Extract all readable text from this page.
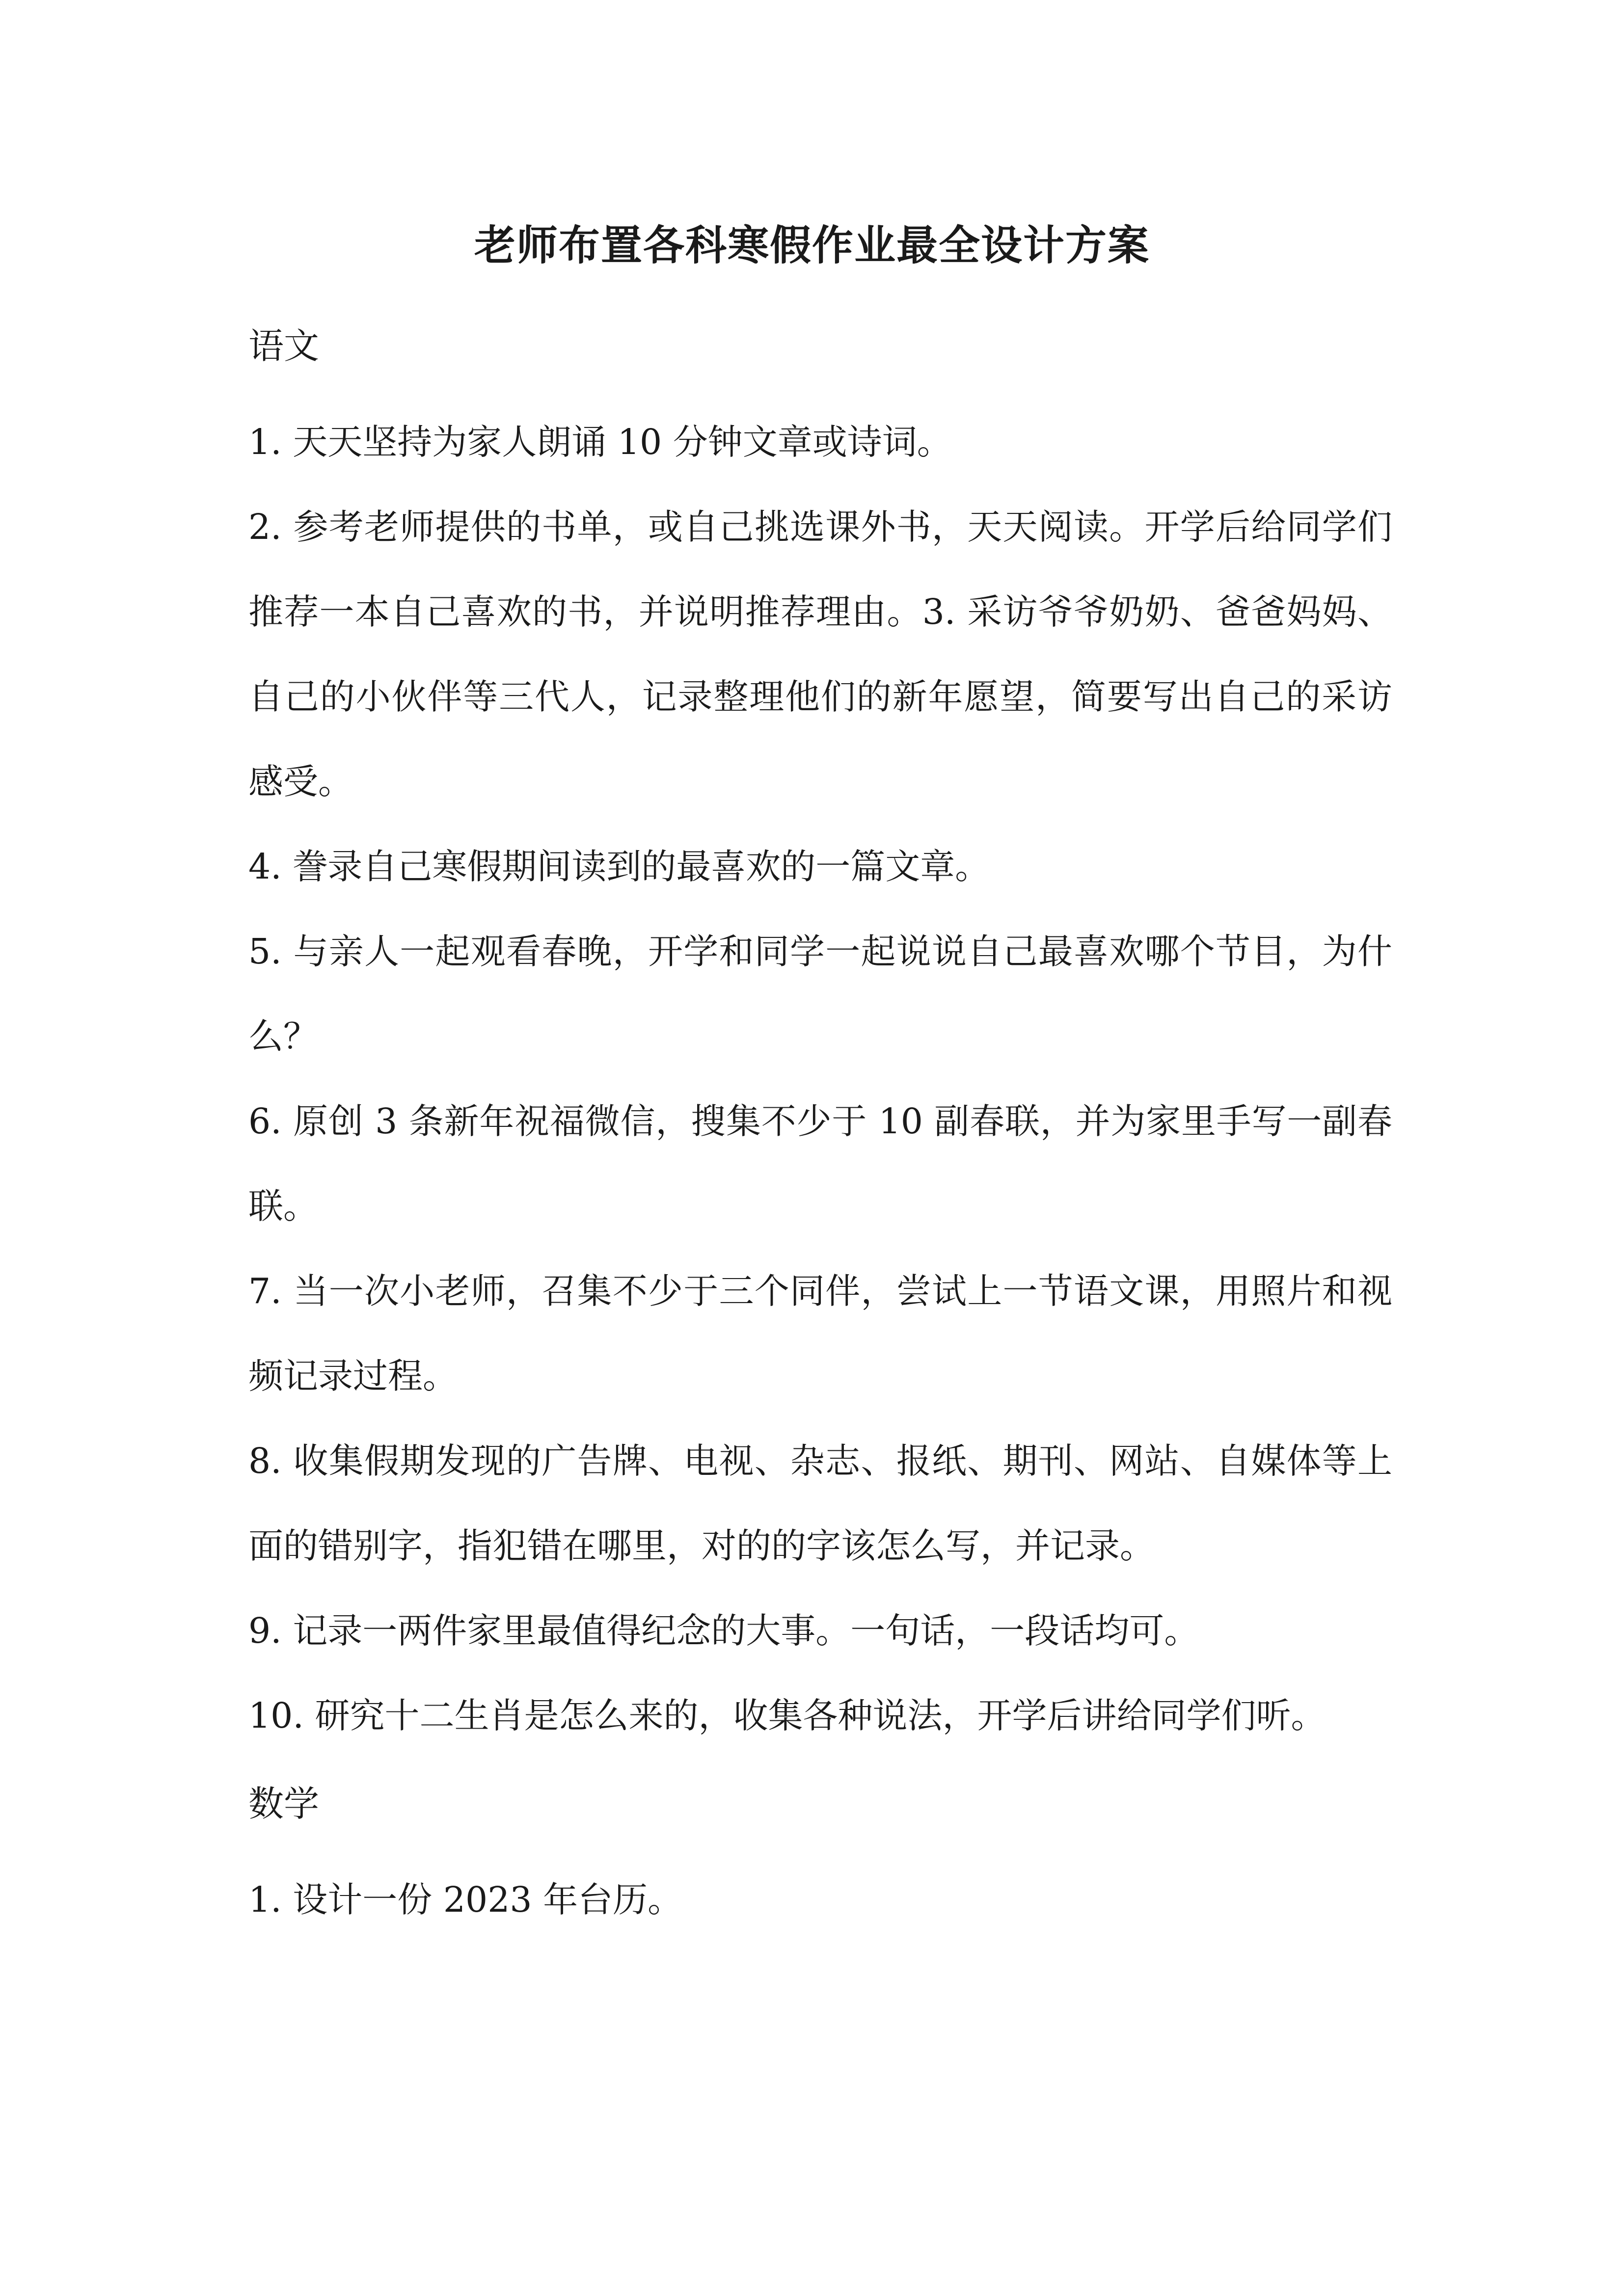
老师布置各科寒假作业最全设计方案
语文
1. 天天坚持为家人朗诵 10 分钟文章或诗词。
2. 参考老师提供的书单，或自己挑选课外书，天天阅读。开学后给同学们推荐一本自己喜欢的书，并说明推荐理由。3. 采访爷爷奶奶、爸爸妈妈、自己的小伙伴等三代人，记录整理他们的新年愿望，简要写出自己的采访感受。
4. 誊录自己寒假期间读到的最喜欢的一篇文章。
5. 与亲人一起观看春晚，开学和同学一起说说自己最喜欢哪个节目，为什么？
6. 原创 3 条新年祝福微信，搜集不少于 10 副春联，并为家里手写一副春联。
7. 当一次小老师，召集不少于三个同伴，尝试上一节语文课，用照片和视频记录过程。
8. 收集假期发现的广告牌、电视、杂志、报纸、期刊、网站、自媒体等上面的错别字，指犯错在哪里，对的的字该怎么写，并记录。
9. 记录一两件家里最值得纪念的大事。一句话，一段话均可。
10. 研究十二生肖是怎么来的，收集各种说法，开学后讲给同学们听。
数学
1. 设计一份 2023 年台历。
